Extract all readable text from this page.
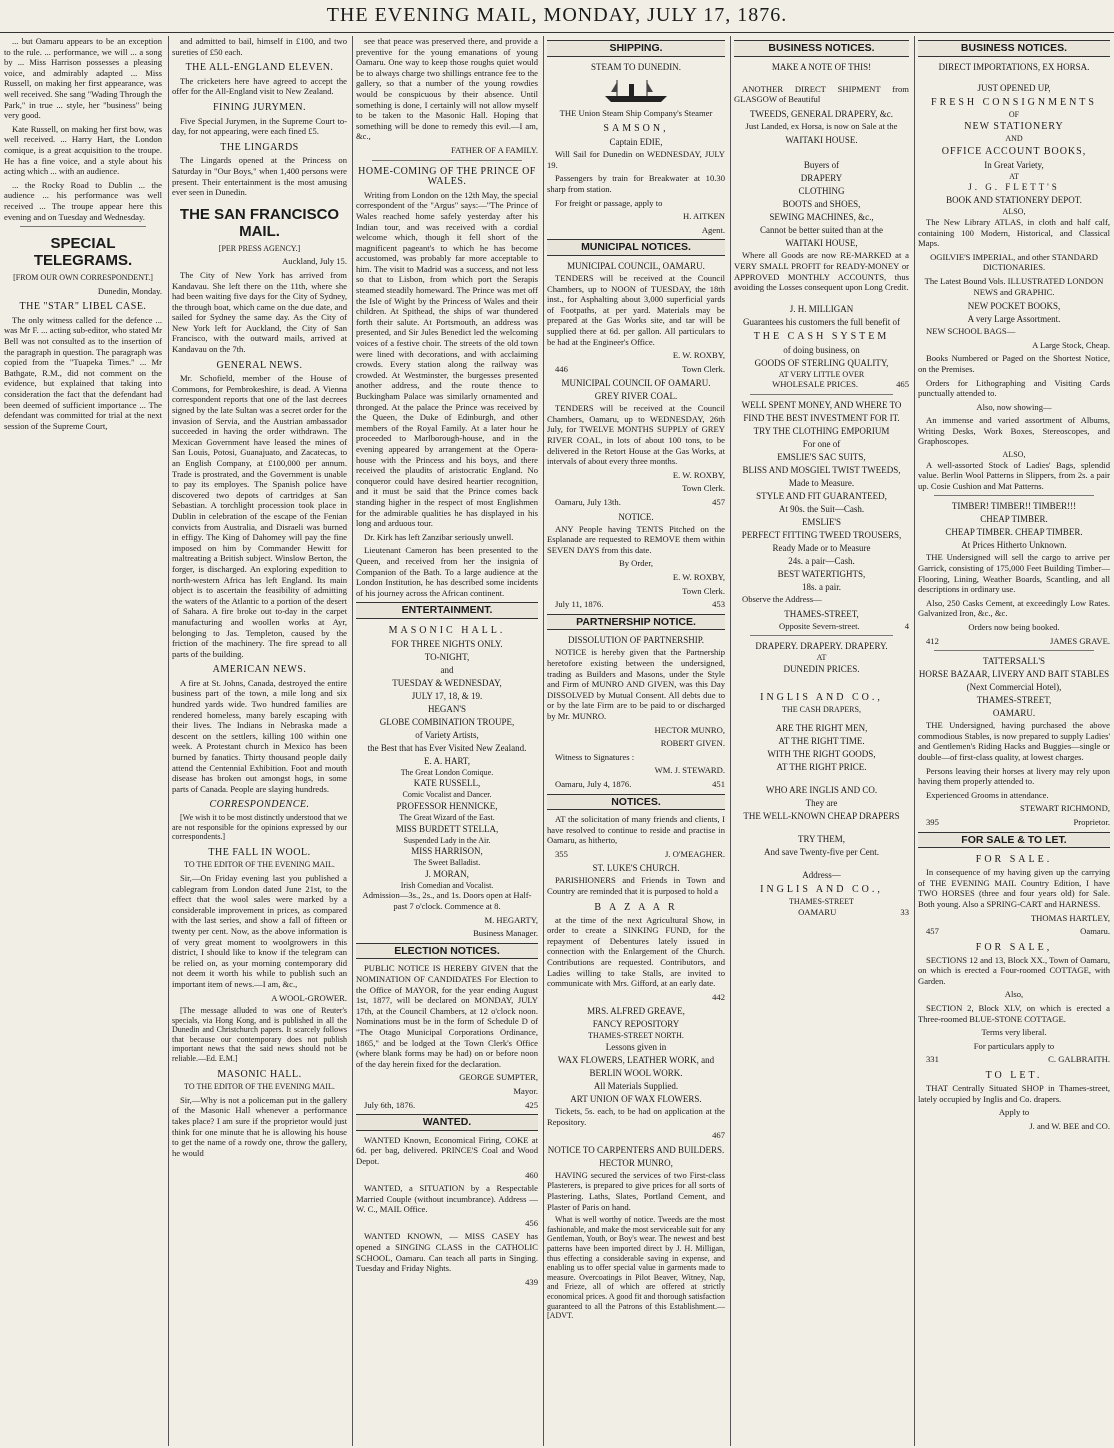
THE EVENING MAIL, MONDAY, JULY 17, 1876.

... but Oamaru appears to be an exception to the rule. ... performance, we will ... a song by ... Miss Harrison possesses a pleasing voice, and admirably adapted ... Miss Russell, on making her first appearance, was well received. She sang "Wading Through the Park," in true ... style, her "business" being very good.

Kate Russell, on making her first bow, was well received. ... Harry Hart, the London comique, is a great acquisition to the troupe. He has a fine voice, and a style about his acting which ... with an audience.

... the Rocky Road to Dublin ... the audience ... his performance was well received ... The troupe appear here this evening and on Tuesday and Wednesday.

SPECIAL TELEGRAMS.

[FROM OUR OWN CORRESPONDENT.]

Dunedin, Monday.

THE "STAR" LIBEL CASE.

The only witness called for the defence ... was Mr F. ... acting sub-editor, who stated Mr Bell was not consulted as to the insertion of the paragraph in question. The paragraph was copied from the "Tuapeka Times." ... Mr Bathgate, R.M., did not comment on the evidence, but explained that taking into consideration the fact that the defendant had been deemed of sufficient importance ... The defendant was committed for trial at the next session of the Supreme Court,

and admitted to bail, himself in £100, and two sureties of £50 each.

THE ALL-ENGLAND ELEVEN.

The cricketers here have agreed to accept the offer for the All-England visit to New Zealand.

FINING JURYMEN.

Five Special Jurymen, in the Supreme Court to-day, for not appearing, were each fined £5.

THE LINGARDS

The Lingards opened at the Princess on Saturday in "Our Boys," when 1,400 persons were present. Their entertainment is the most amusing ever seen in Dunedin.

THE SAN FRANCISCO MAIL.

[PER PRESS AGENCY.]

Auckland, July 15.

The City of New York has arrived from Kandavau. She left there on the 11th, where she had been waiting five days for the City of Sydney, the through boat, which came on the due date, and sailed for Sydney the same day. As the City of New York left for Auckland, the City of San Francisco, with the outward mails, arrived at Kandavau on the 7th.

GENERAL NEWS.

Mr. Schofield, member of the House of Commons, for Pembrokeshire, is dead. A Vienna correspondent reports that one of the last decrees signed by the late Sultan was a secret order for the invasion of Servia, and the Austrian ambassador succeeded in having the order withdrawn. The Mexican Government have leased the mines of San Louis, Potosi, Guanajuato, and Zacatecas, to an English Company, at £100,000 per annum. Trade is prostrated, and the Government is unable to pay its employes. The Spanish police have discovered two depots of cartridges at San Sebastian. A torchlight procession took place in Dublin in celebration of the escape of the Fenian convicts from Australia, and Disraeli was burned in effigy. The King of Dahomey will pay the fine imposed on him by Commander Hewitt for maltreating a British subject. Winslow Berton, the forger, is discharged. An exploring expedition to north-western Africa has left England. Its main object is to ascertain the feasibility of admitting the waters of the Atlantic to a portion of the desert of Sahara. A fire broke out to-day in the carpet manufacturing and woollen works at Ayr, belonging to Jas. Templeton, caused by the friction of the machinery. The fire spread to all parts of the building.

AMERICAN NEWS.

A fire at St. Johns, Canada, destroyed the entire business part of the town, a mile long and six hundred yards wide. Two hundred families are rendered homeless, many barely escaping with their lives. The Indians in Nebraska made a descent on the settlers, killing 100 within one week. A Protestant church in Mexico has been burned by fanatics. Thirty thousand people daily attend the Centennial Exhibition. Foot and mouth disease has broken out amongst hogs, in some parts of Canada. People are slaying hundreds.

CORRESPONDENCE.

[We wish it to be most distinctly understood that we are not responsible for the opinions expressed by our correspondents.]

THE FALL IN WOOL.

TO THE EDITOR OF THE EVENING MAIL.

Sir,—On Friday evening last you published a cablegram from London dated June 21st, to the effect that the wool sales were marked by a considerable improvement in prices, as compared with the last series, and show a fall of fifteen or twenty per cent. Now, as the above information is of very great moment to woolgrowers in this district, I should like to know if the telegram can be relied on, as your morning contemporary did not deem it worth his while to publish such an important item of news.—I am, &c.,

A WOOL-GROWER.

[The message alluded to was one of Reuter's specials, via Hong Kong, and is published in all the Dunedin and Christchurch papers. It scarcely follows that because our contemporary does not publish important news that the said news should not be reliable.—Ed. E.M.]

MASONIC HALL.

TO THE EDITOR OF THE EVENING MAIL.

Sir,—Why is not a policeman put in the gallery of the Masonic Hall whenever a performance takes place? I am sure if the proprietor would just think for one minute that he is allowing his house to get the name of a rowdy one, throw the gallery, he would

see that peace was preserved there, and provide a preventive for the young emanations of young Oamaru. One way to keep those roughs quiet would be to always charge two shillings entrance fee to the gallery, so that a number of the young rowdies would be conspicuous by their absence. Until something is done, I certainly will not allow myself to be taken to the Masonic Hall. Hoping that something will be done to remedy this evil.—I am, &c.,

FATHER OF A FAMILY.

HOME-COMING OF THE PRINCE OF WALES.

Writing from London on the 12th May, the special correspondent of the "Argus" says:—"The Prince of Wales reached home safely yesterday after his Indian tour, and was received with a cordial welcome which, though it fell short of the magnificent pageant's to which he has become accustomed, was probably far more acceptable to him. The visit to Madrid was a success, and not less so that to Lisbon, from which port the Serapis steamed steadily homeward. The Prince was met off the Isle of Wight by the Princess of Wales and their children. At Spithead, the ships of war thundered forth their salute. At Portsmouth, an address was presented, and Sir Jules Benedict led the welcoming voices of a festive choir. The streets of the old town were lined with decorations, and with acclaiming crowds. Every station along the railway was crowded. At Westminster, the burgesses presented another address, and the route thence to Buckingham Palace was similarly ornamented and thronged. At the palace the Prince was received by the Queen, the Duke of Edinburgh, and other members of the Royal Family. At a later hour he proceeded to Marlborough-house, and in the evening appeared by arrangement at the Opera-house with the Princess and his boys, and there received the plaudits of aristocratic England. No conqueror could have desired heartier recognition, and it must be said that the Prince comes back standing higher in the respect of most Englishmen for the admirable qualities he has displayed in his long and arduous tour.

Dr. Kirk has left Zanzibar seriously unwell.

Lieutenant Cameron has been presented to the Queen, and received from her the insignia of Companion of the Bath. To a large audience at the London Institution, he has described some incidents of his journey across the African continent.

ENTERTAINMENT.
MASONIC HALL.
FOR THREE NIGHTS ONLY.
TO-NIGHT,
and
TUESDAY & WEDNESDAY,
JULY 17, 18, & 19.
HEGAN'S
GLOBE COMBINATION TROUPE,
of Variety Artists,
the Best that has Ever Visited New Zealand.
E. A. HART,
The Great London Comique.
KATE RUSSELL,
Comic Vocalist and Dancer.
PROFESSOR HENNICKE,
The Great Wizard of the East.
MISS BURDETT STELLA,
Suspended Lady in the Air.
MISS HARRISON,
The Sweet Balladist.
J. MORAN,
Irish Comedian and Vocalist.

Admission—3s., 2s., and 1s. Doors open at Half-past 7 o'clock. Commence at 8.

M. HEGARTY,

Business Manager.

ELECTION NOTICES.

PUBLIC NOTICE IS HEREBY GIVEN that the NOMINATION OF CANDIDATES For Election to the Office of MAYOR, for the year ending August 1st, 1877, will be declared on MONDAY, JULY 17th, at the Council Chambers, at 12 o'clock noon. Nominations must be in the form of Schedule D of "The Otago Municipal Corporations Ordinance, 1865," and be lodged at the Town Clerk's Office (where blank forms may be had) on or before noon of the day herein fixed for the declaration.

GEORGE SUMPTER,

Mayor.

July 6th, 1876.	425

WANTED.

WANTED Known, Economical Firing, COKE at 6d. per bag, delivered. PRINCE'S Coal and Wood Depot.

460

WANTED, a SITUATION by a Respectable Married Couple (without incumbrance). Address — W. C., MAIL Office.

456

WANTED KNOWN, — MISS CASEY has opened a SINGING CLASS in the CATHOLIC SCHOOL, Oamaru. Can teach all parts in Singing. Tuesday and Friday Nights.

439

SHIPPING.
STEAM TO DUNEDIN.

THE Union Steam Ship Company's Steamer

SAMSON,
Captain EDIE,

Will Sail for Dunedin on WEDNESDAY, JULY 19.

Passengers by train for Breakwater at 10.30 sharp from station.

For freight or passage, apply to

H. AITKEN

Agent.

MUNICIPAL NOTICES.
MUNICIPAL COUNCIL, OAMARU.

TENDERS will be received at the Council Chambers, up to NOON of TUESDAY, the 18th inst., for Asphalting about 3,000 superficial yards of Footpaths, at per yard. Materials may be prepared at the Gas Works site, and tar will be supplied there at 6d. per gallon. All particulars to be had at the Engineer's Office.

E. W. ROXBY,

446	Town Clerk.

MUNICIPAL COUNCIL OF OAMARU.
GREY RIVER COAL.

TENDERS will be received at the Council Chambers, Oamaru, up to WEDNESDAY, 26th July, for TWELVE MONTHS SUPPLY of GREY RIVER COAL, in lots of about 100 tons, to be delivered in the Retort House at the Gas Works, at intervals of about every three months.

E. W. ROXBY,

Town Clerk.

Oamaru, July 13th.	457

NOTICE.

ANY People having TENTS Pitched on the Esplanade are requested to REMOVE them within SEVEN DAYS from this date.

By Order,

E. W. ROXBY,

Town Clerk.

July 11, 1876.	453

PARTNERSHIP NOTICE.
DISSOLUTION OF PARTNERSHIP.

NOTICE is hereby given that the Partnership heretofore existing between the undersigned, trading as Builders and Masons, under the Style and Firm of MUNRO AND GIVEN, was this Day DISSOLVED by Mutual Consent. All debts due to or by the late Firm are to be paid to or discharged by Mr. MUNRO.

HECTOR MUNRO,

ROBERT GIVEN.

Witness to Signatures :

WM. J. STEWARD.

Oamaru, July 4, 1876.	451

NOTICES.

AT the solicitation of many friends and clients, I have resolved to continue to reside and practise in Oamaru, as hitherto,

355	J. O'MEAGHER.

ST. LUKE'S CHURCH.

PARISHIONERS and Friends in Town and Country are reminded that it is purposed to hold a

B A Z A A R

at the time of the next Agricultural Show, in order to create a SINKING FUND, for the repayment of Debentures lately issued in connection with the Enlargement of the Church. Contributions are requested. Contributors, and Ladies willing to take Stalls, are invited to communicate with Mrs. Gifford, at an early date.

442

MRS. ALFRED GREAVE,
FANCY REPOSITORY
THAMES-STREET NORTH.
Lessons given in
WAX FLOWERS, LEATHER WORK, and BERLIN WOOL WORK.
All Materials Supplied.
ART UNION OF WAX FLOWERS.

Tickets, 5s. each, to be had on application at the Repository.

467

NOTICE TO CARPENTERS AND BUILDERS.
HECTOR MUNRO,

HAVING secured the services of two First-class Plasterers, is prepared to give prices for all sorts of Plastering. Laths, Slates, Portland Cement, and Plaster of Paris on hand.

What is well worthy of notice. Tweeds are the most fashionable, and make the most serviceable suit for any Gentleman, Youth, or Boy's wear. The newest and best patterns have been imported direct by J. H. Milligan, thus effecting a considerable saving in expense, and enabling us to offer special value in garments made to measure. Overcoatings in Pilot Beaver, Witney, Nap, and Frieze, all of which are offered at strictly economical prices. A good fit and thorough satisfaction guaranteed to all the Patrons of this Establishment.—[ADVT.

BUSINESS NOTICES.
MAKE A NOTE OF THIS!

ANOTHER DIRECT SHIPMENT from GLASGOW of Beautiful

TWEEDS, GENERAL DRAPERY, &c.

Just Landed, ex Horsa, is now on Sale at the

WAITAKI HOUSE.
Buyers of
DRAPERY
CLOTHING
BOOTS and SHOES,
SEWING MACHINES, &c.,
Cannot be better suited than at the
WAITAKI HOUSE,

Where all Goods are now RE-MARKED at a VERY SMALL PROFIT for READY-MONEY or APPROVED MONTHLY ACCOUNTS, thus avoiding the Losses consequent upon Long Credit.

J. H. MILLIGAN
Guarantees his customers the full benefit of
THE CASH SYSTEM
of doing business, on
GOODS OF STERLING QUALITY,
AT VERY LITTLE OVER

WHOLESALE PRICES.	465

WELL SPENT MONEY, AND WHERE TO FIND THE BEST INVESTMENT FOR IT.
TRY THE CLOTHING EMPORIUM
For one of
EMSLIE'S SAC SUITS,
BLISS AND MOSGIEL TWIST TWEEDS,
Made to Measure.
STYLE AND FIT GUARANTEED,
At 90s. the Suit—Cash.
EMSLIE'S
PERFECT FITTING TWEED TROUSERS,
Ready Made or to Measure
24s. a pair—Cash.
BEST WATERTIGHTS,
18s. a pair.

Observe the Address—

THAMES-STREET,

Opposite Severn-street.	4

DRAPERY. DRAPERY. DRAPERY.
AT
DUNEDIN PRICES.
INGLIS AND CO.,
THE CASH DRAPERS,
ARE THE RIGHT MEN,
AT THE RIGHT TIME.
WITH THE RIGHT GOODS,
AT THE RIGHT PRICE.
WHO ARE INGLIS AND CO.
They are
THE WELL-KNOWN CHEAP DRAPERS
TRY THEM,
And save Twenty-five per Cent.
Address—
INGLIS AND CO.,
THAMES-STREET

OAMARU	33

BUSINESS NOTICES.
DIRECT IMPORTATIONS, EX HORSA.
JUST OPENED UP,
FRESH CONSIGNMENTS
OF
NEW STATIONERY
AND
OFFICE ACCOUNT BOOKS,
In Great Variety,
AT
J. G. FLETT'S
BOOK AND STATIONERY DEPOT.
ALSO,

The New Library ATLAS, in cloth and half calf, containing 100 Modern, Historical, and Classical Maps.

OGILVIE'S IMPERIAL, and other STANDARD DICTIONARIES.

The Latest Bound Vols. ILLUSTRATED LONDON NEWS and GRAPHIC.

NEW POCKET BOOKS,
A very Large Assortment.

NEW SCHOOL BAGS—

A Large Stock, Cheap.

Books Numbered or Paged on the Shortest Notice, on the Premises.

Orders for Lithographing and Visiting Cards punctually attended to.

Also, now showing—

An immense and varied assortment of Albums, Writing Desks, Work Boxes, Stereoscopes, and Graphoscopes.

ALSO,

A well-assorted Stock of Ladies' Bags, splendid value. Berlin Wool Patterns in Slippers, from 2s. a pair up. Cosie Cushion and Mat Patterns.

TIMBER! TIMBER!! TIMBER!!!
CHEAP TIMBER.
CHEAP TIMBER. CHEAP TIMBER.
At Prices Hitherto Unknown.

THE Undersigned will sell the cargo to arrive per Garrick, consisting of 175,000 Feet Building Timber—Flooring, Lining, Weather Boards, Scantling, and all descriptions in ordinary use.

Also, 250 Casks Cement, at exceedingly Low Rates. Galvanized Iron, &c., &c.

Orders now being booked.

412	JAMES GRAVE.

TATTERSALL'S
HORSE BAZAAR, LIVERY AND BAIT STABLES
(Next Commercial Hotel),
THAMES-STREET,
OAMARU.

THE Undersigned, having purchased the above commodious Stables, is now prepared to supply Ladies' and Gentlemen's Riding Hacks and Buggies—single or double—of first-class quality, at lowest charges.

Persons leaving their horses at livery may rely upon having them properly attended to.

Experienced Grooms in attendance.

STEWART RICHMOND,

395	Proprietor.

FOR SALE & TO LET.
FOR SALE.

In consequence of my having given up the carrying of THE EVENING MAIL Country Edition, I have TWO HORSES (three and four years old) for Sale. Both young. Also a SPRING-CART and HARNESS.

THOMAS HARTLEY,

457	Oamaru.

FOR SALE,

SECTIONS 12 and 13, Block XX., Town of Oamaru, on which is erected a Four-roomed COTTAGE, with Garden.

Also,

SECTION 2, Block XLV, on which is erected a Three-roomed BLUE-STONE COTTAGE.

Terms very liberal.

For particulars apply to

331	C. GALBRAITH.

TO LET.

THAT Centrally Situated SHOP in Thames-street, lately occupied by Inglis and Co. drapers.

Apply to

J. and W. BEE and CO.
